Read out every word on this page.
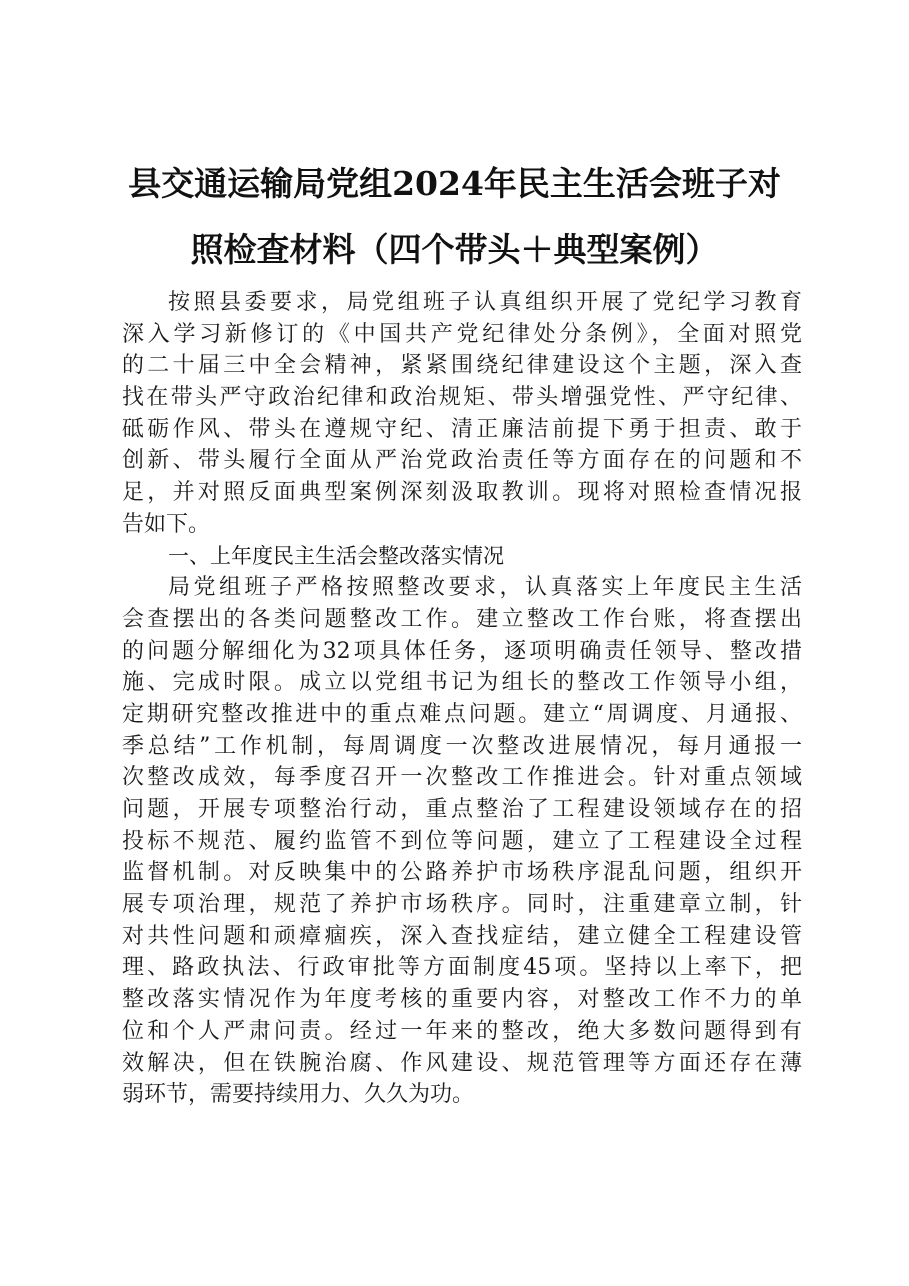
县交通运输局党组2024年民主生活会班子对
照检查材料（四个带头＋典型案例）
按照县委要求，局党组班子认真组织开展了党纪学习教育
深入学习新修订的《中国共产党纪律处分条例》，全面对照党
的二十届三中全会精神，紧紧围绕纪律建设这个主题，深入查
找在带头严守政治纪律和政治规矩、带头增强党性、严守纪律、
砥砺作风、带头在遵规守纪、清正廉洁前提下勇于担责、敢于
创新、带头履行全面从严治党政治责任等方面存在的问题和不
足，并对照反面典型案例深刻汲取教训。现将对照检查情况报
告如下。
一、上年度民主生活会整改落实情况
局党组班子严格按照整改要求，认真落实上年度民主生活
会查摆出的各类问题整改工作。建立整改工作台账，将查摆出
的问题分解细化为32项具体任务，逐项明确责任领导、整改措
施、完成时限。成立以党组书记为组长的整改工作领导小组，
定期研究整改推进中的重点难点问题。建立“周调度、月通报、
季总结”工作机制，每周调度一次整改进展情况，每月通报一
次整改成效，每季度召开一次整改工作推进会。针对重点领域
问题，开展专项整治行动，重点整治了工程建设领域存在的招
投标不规范、履约监管不到位等问题，建立了工程建设全过程
监督机制。对反映集中的公路养护市场秩序混乱问题，组织开
展专项治理，规范了养护市场秩序。同时，注重建章立制，针
对共性问题和顽瘴痼疾，深入查找症结，建立健全工程建设管
理、路政执法、行政审批等方面制度45项。坚持以上率下，把
整改落实情况作为年度考核的重要内容，对整改工作不力的单
位和个人严肃问责。经过一年来的整改，绝大多数问题得到有
效解决，但在铁腕治腐、作风建设、规范管理等方面还存在薄
弱环节，需要持续用力、久久为功。
